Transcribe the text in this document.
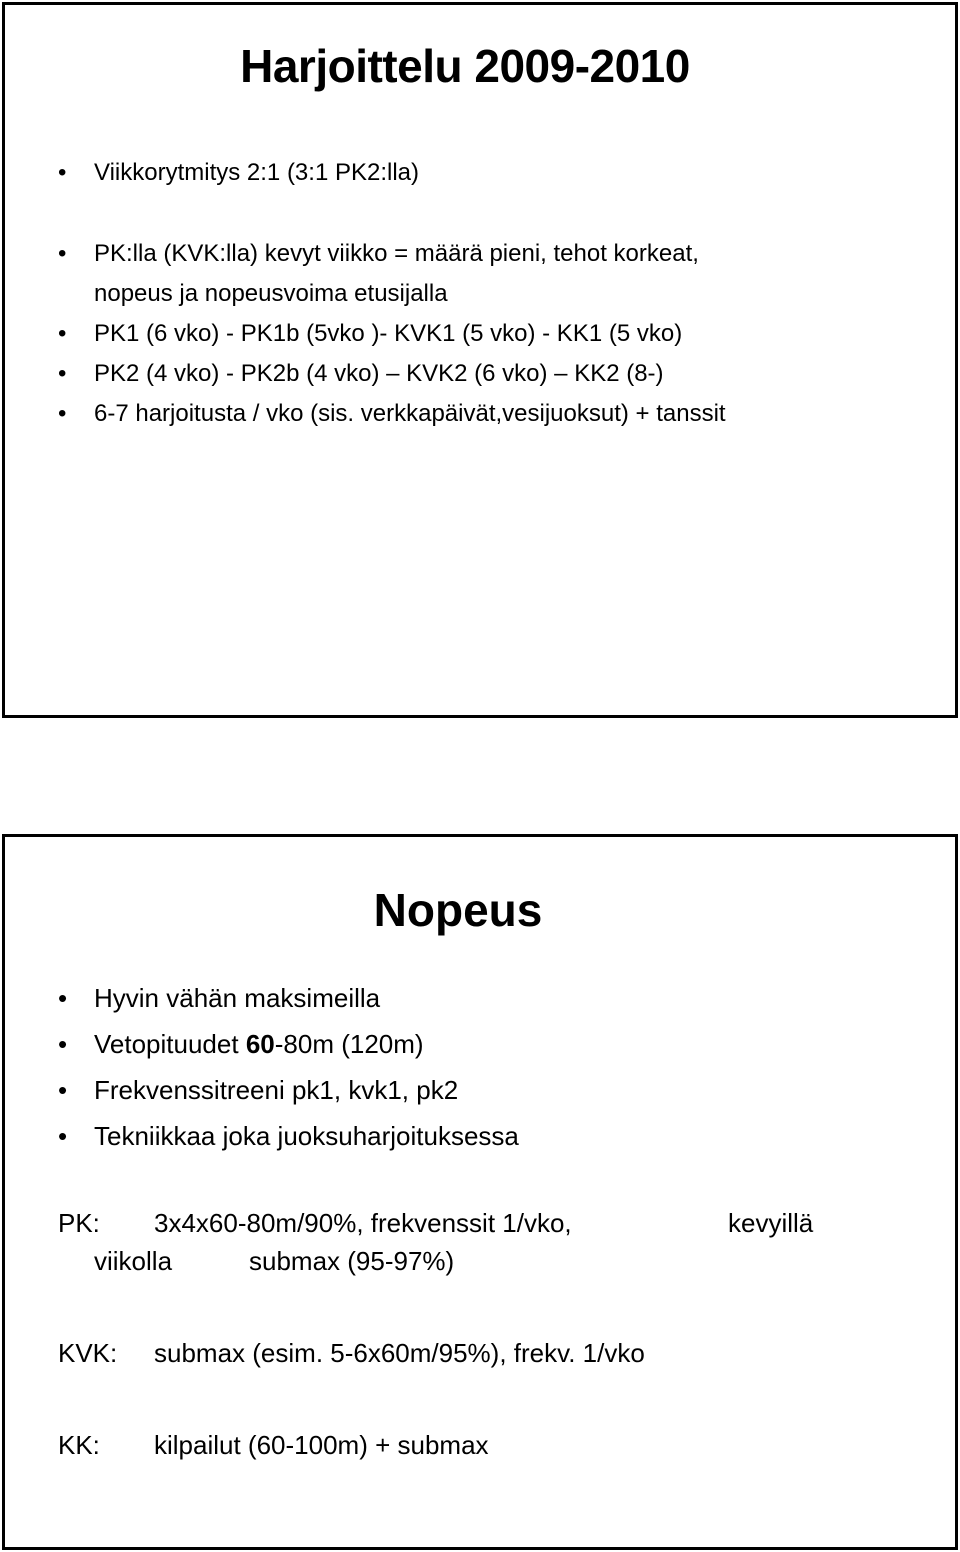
Harjoittelu 2009-2010
• Viikkorytmitys 2:1 (3:1 PK2:lla)
• PK:lla (KVK:lla) kevyt viikko = määrä pieni, tehot korkeat,
nopeus ja nopeusvoima etusijalla
• PK1 (6 vko) - PK1b (5vko )- KVK1 (5 vko) - KK1 (5 vko)
• PK2 (4 vko) - PK2b (4 vko) – KVK2 (6 vko) – KK2 (8-)
• 6-7 harjoitusta / vko (sis. verkkapäivät,vesijuoksut) + tanssit
Nopeus
• Hyvin vähän maksimeilla
• Vetopituudet 60-80m (120m)
• Frekvenssitreeni pk1, kvk1, pk2
• Tekniikkaa joka juoksuharjoituksessa
PK: 3x4x60-80m/90%, frekvenssit 1/vko,	kevyillä
viikolla	submax (95-97%)
KVK: submax (esim. 5-6x60m/95%), frekv. 1/vko
KK: kilpailut (60-100m) + submax
